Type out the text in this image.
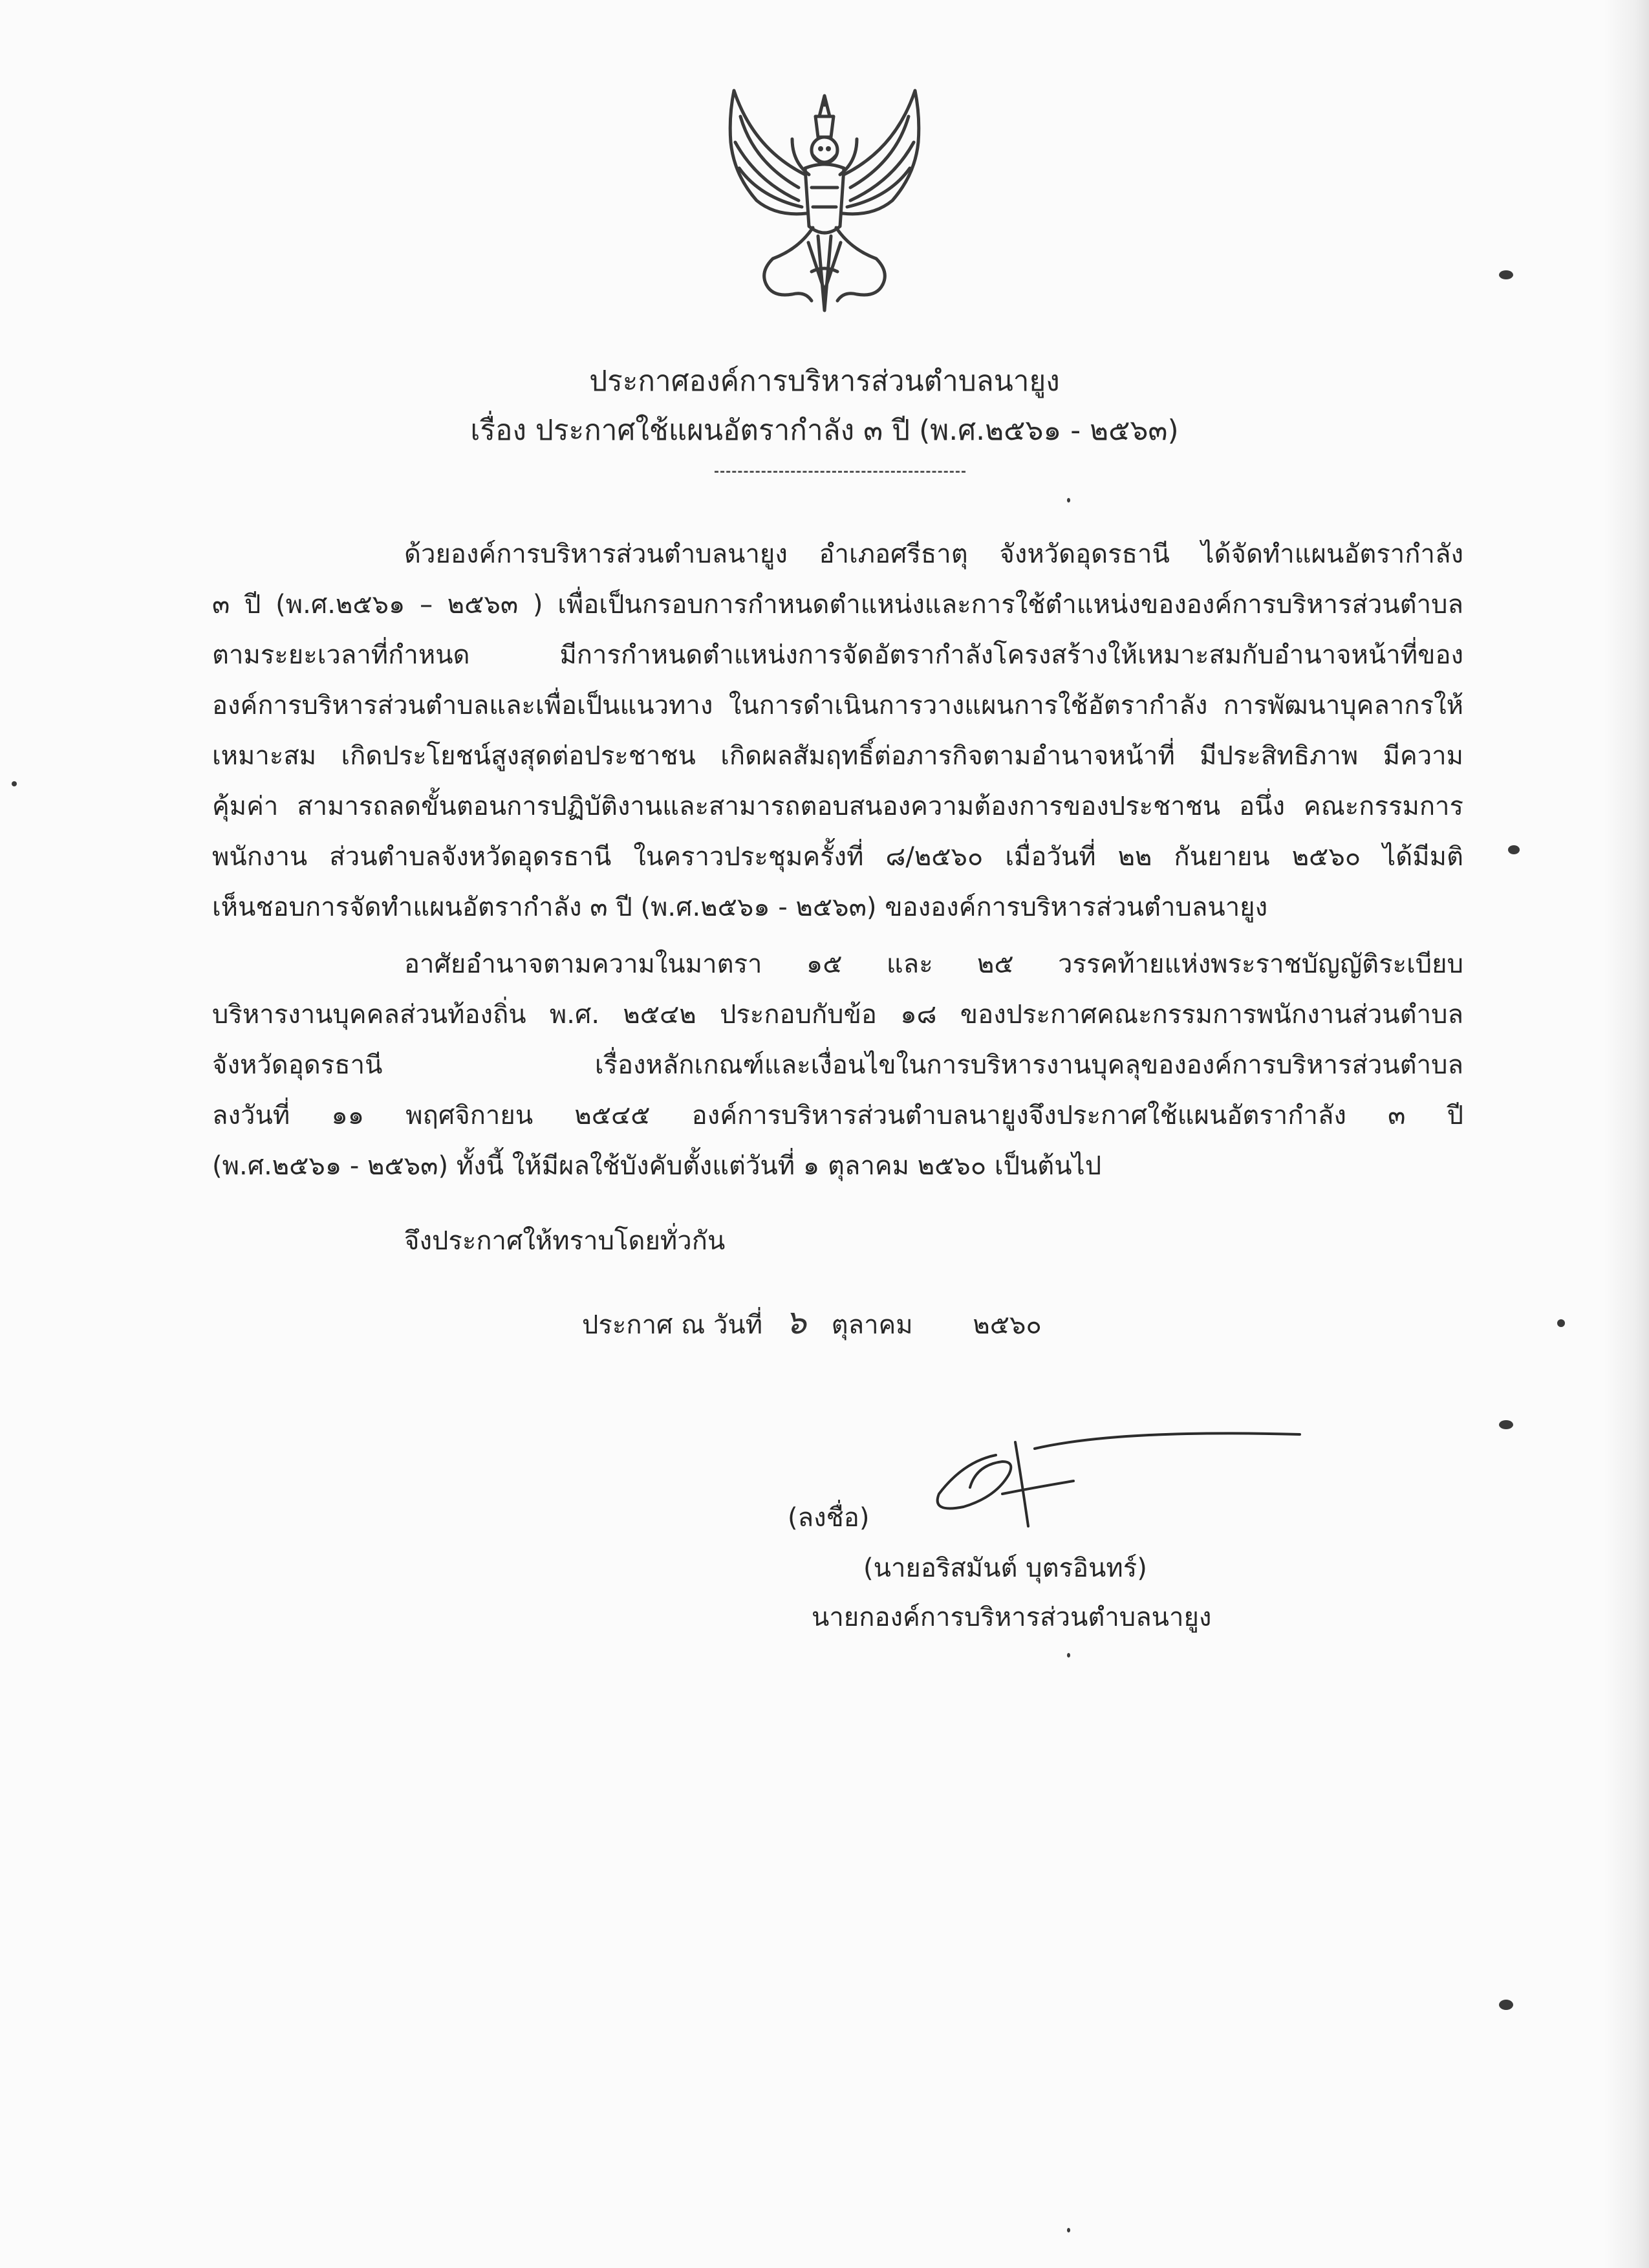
ประกาศองค์การบริหารส่วนตำบลนายูง
เรื่อง ประกาศใช้แผนอัตรากำลัง ๓ ปี (พ.ศ.๒๕๖๑ - ๒๕๖๓)
ด้วยองค์การบริหารส่วนตำบลนายูง อำเภอศรีธาตุ จังหวัดอุดรธานี ได้จัดทำแผนอัตรากำลัง
๓ ปี (พ.ศ.๒๕๖๑ – ๒๕๖๓ ) เพื่อเป็นกรอบการกำหนดตำแหน่งและการใช้ตำแหน่งขององค์การบริหารส่วนตำบล
ตามระยะเวลาที่กำหนด มีการกำหนดตำแหน่งการจัดอัตรากำลังโครงสร้างให้เหมาะสมกับอำนาจหน้าที่ของ
องค์การบริหารส่วนตำบลและเพื่อเป็นแนวทาง ในการดำเนินการวางแผนการใช้อัตรากำลัง การพัฒนาบุคลากรให้
เหมาะสม เกิดประโยชน์สูงสุดต่อประชาชน เกิดผลสัมฤทธิ์ต่อภารกิจตามอำนาจหน้าที่ มีประสิทธิภาพ มีความ
คุ้มค่า สามารถลดขั้นตอนการปฏิบัติงานและสามารถตอบสนองความต้องการของประชาชน อนึ่ง คณะกรรมการ
พนักงาน ส่วนตำบลจังหวัดอุดรธานี ในคราวประชุมครั้งที่ ๘/๒๕๖๐ เมื่อวันที่ ๒๒ กันยายน ๒๕๖๐ ได้มีมติ
เห็นชอบการจัดทำแผนอัตรากำลัง ๓ ปี (พ.ศ.๒๕๖๑ - ๒๕๖๓) ขององค์การบริหารส่วนตำบลนายูง
อาศัยอำนาจตามความในมาตรา ๑๕ และ ๒๕ วรรคท้ายแห่งพระราชบัญญัติระเบียบ
บริหารงานบุคคลส่วนท้องถิ่น พ.ศ. ๒๕๔๒ ประกอบกับข้อ ๑๘ ของประกาศคณะกรรมการพนักงานส่วนตำบล
จังหวัดอุดรธานี เรื่องหลักเกณฑ์และเงื่อนไขในการบริหารงานบุคลุขององค์การบริหารส่วนตำบล
ลงวันที่ ๑๑ พฤศจิกายน ๒๕๔๕ องค์การบริหารส่วนตำบลนายูงจึงประกาศใช้แผนอัตรากำลัง ๓ ปี
(พ.ศ.๒๕๖๑ - ๒๕๖๓) ทั้งนี้ ให้มีผลใช้บังคับตั้งแต่วันที่ ๑ ตุลาคม ๒๕๖๐ เป็นต้นไป
จึงประกาศให้ทราบโดยทั่วกัน
ประกาศ ณ วันที่ ๖ ตุลาคม ๒๕๖๐
(ลงชื่อ)
(นายอริสมันต์ บุตรอินทร์)
นายกองค์การบริหารส่วนตำบลนายูง
